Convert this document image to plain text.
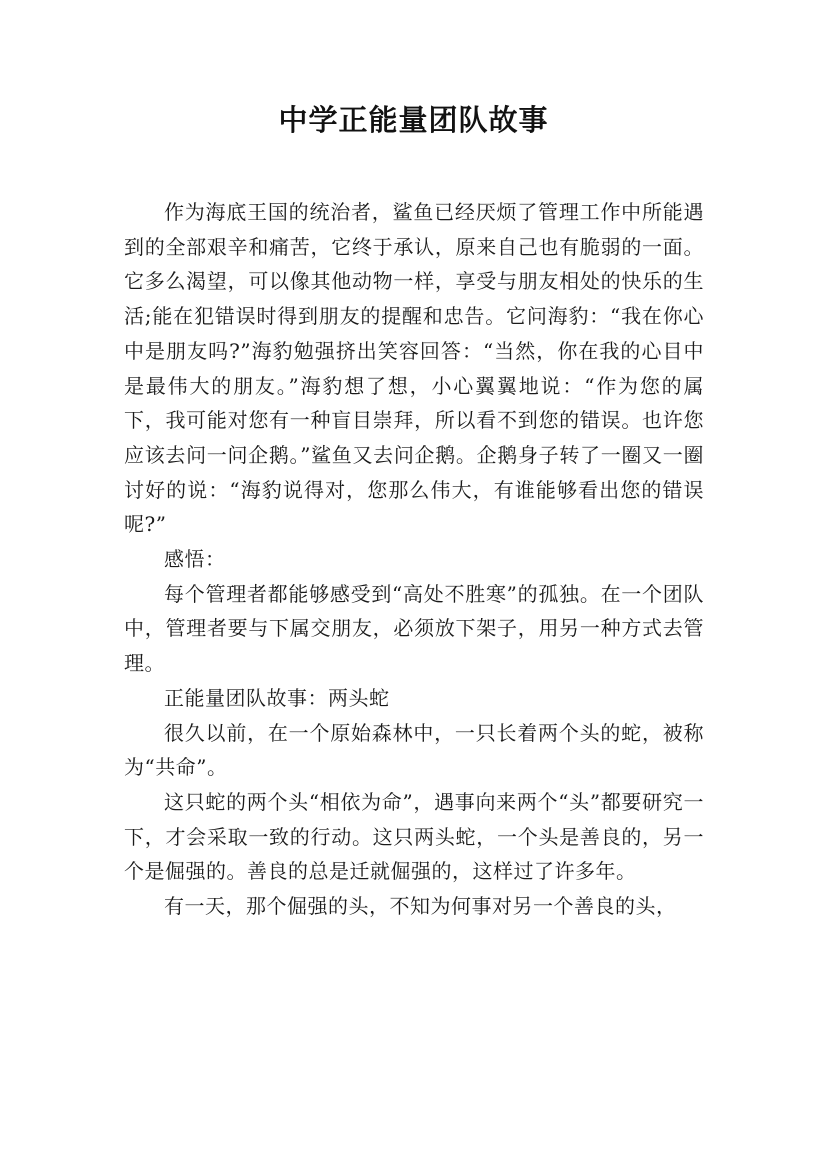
中学正能量团队故事

作为海底王国的统治者，鲨鱼已经厌烦了管理工作中所能遇到的全部艰辛和痛苦，它终于承认，原来自己也有脆弱的一面。它多么渴望，可以像其他动物一样，享受与朋友相处的快乐的生活;能在犯错误时得到朋友的提醒和忠告。它问海豹：“我在你心中是朋友吗?”海豹勉强挤出笑容回答：“当然，你在我的心目中是最伟大的朋友。”海豹想了想，小心翼翼地说：“作为您的属下，我可能对您有一种盲目崇拜，所以看不到您的错误。也许您应该去问一问企鹅。”鲨鱼又去问企鹅。企鹅身子转了一圈又一圈讨好的说：“海豹说得对，您那么伟大，有谁能够看出您的错误呢?”

感悟：

每个管理者都能够感受到“高处不胜寒”的孤独。在一个团队中，管理者要与下属交朋友，必须放下架子，用另一种方式去管理。

正能量团队故事：两头蛇

很久以前，在一个原始森林中，一只长着两个头的蛇，被称为“共命”。

这只蛇的两个头“相依为命”，遇事向来两个“头”都要研究一下，才会采取一致的行动。这只两头蛇，一个头是善良的，另一个是倔强的。善良的总是迁就倔强的，这样过了许多年。

有一天，那个倔强的头，不知为何事对另一个善良的头，
